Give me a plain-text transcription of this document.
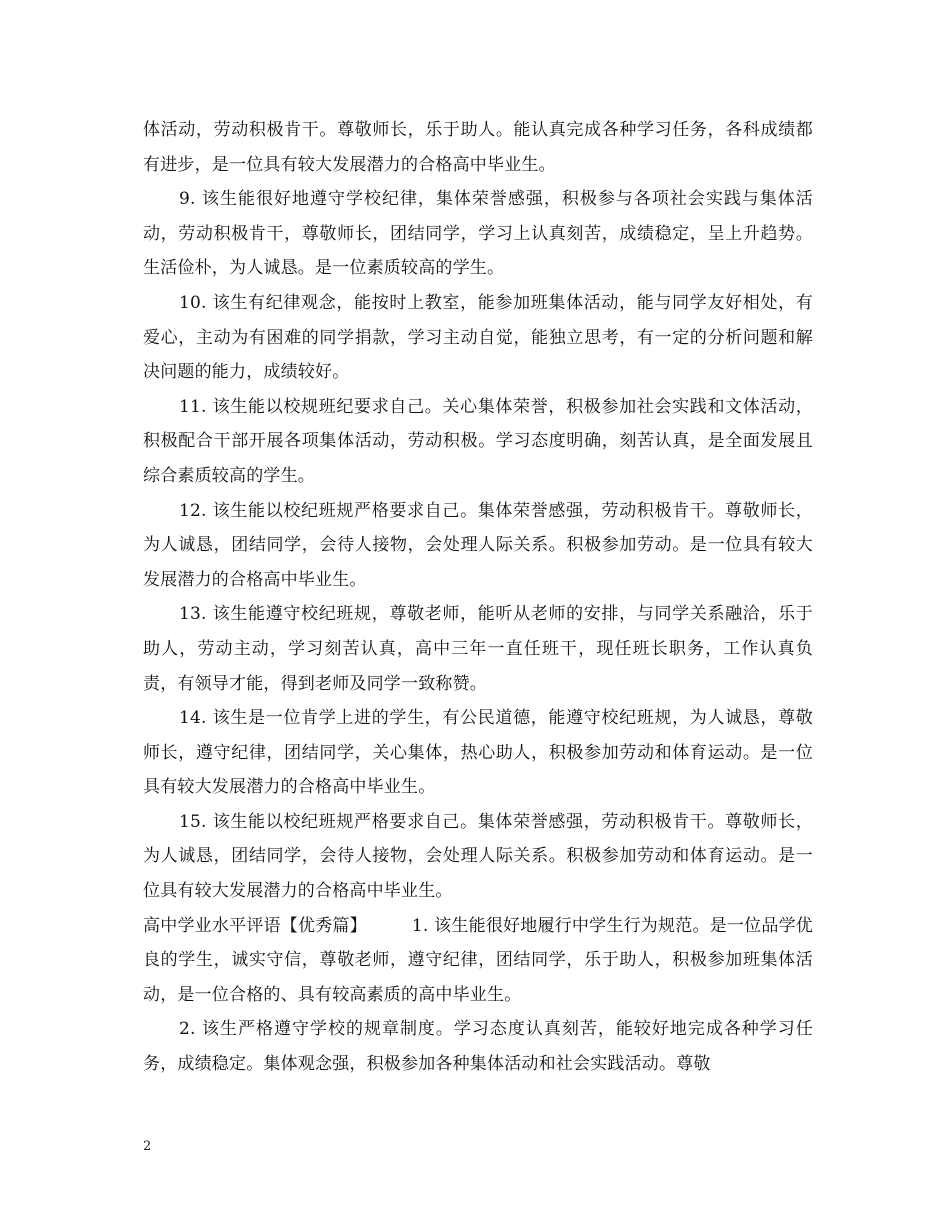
体活动，劳动积极肯干。尊敬师长，乐于助人。能认真完成各种学习任务，各科成绩都有进步，是一位具有较大发展潜力的合格高中毕业生。

9. 该生能很好地遵守学校纪律，集体荣誉感强，积极参与各项社会实践与集体活动，劳动积极肯干，尊敬师长，团结同学，学习上认真刻苦，成绩稳定，呈上升趋势。生活俭朴，为人诚恳。是一位素质较高的学生。

10. 该生有纪律观念，能按时上教室，能参加班集体活动，能与同学友好相处，有爱心，主动为有困难的同学捐款，学习主动自觉，能独立思考，有一定的分析问题和解决问题的能力，成绩较好。

11. 该生能以校规班纪要求自己。关心集体荣誉，积极参加社会实践和文体活动，积极配合干部开展各项集体活动，劳动积极。学习态度明确，刻苦认真，是全面发展且综合素质较高的学生。

12. 该生能以校纪班规严格要求自己。集体荣誉感强，劳动积极肯干。尊敬师长，为人诚恳，团结同学，会待人接物，会处理人际关系。积极参加劳动。是一位具有较大发展潜力的合格高中毕业生。

13. 该生能遵守校纪班规，尊敬老师，能听从老师的安排，与同学关系融洽，乐于助人，劳动主动，学习刻苦认真，高中三年一直任班干，现任班长职务，工作认真负责，有领导才能，得到老师及同学一致称赞。

14. 该生是一位肯学上进的学生，有公民道德，能遵守校纪班规，为人诚恳，尊敬师长，遵守纪律，团结同学，关心集体，热心助人，积极参加劳动和体育运动。是一位具有较大发展潜力的合格高中毕业生。

15. 该生能以校纪班规严格要求自己。集体荣誉感强，劳动积极肯干。尊敬师长，为人诚恳，团结同学，会待人接物，会处理人际关系。积极参加劳动和体育运动。是一位具有较大发展潜力的合格高中毕业生。

高中学业水平评语【优秀篇】	1. 该生能很好地履行中学生行为规范。是一位品学优良的学生，诚实守信，尊敬老师，遵守纪律，团结同学，乐于助人，积极参加班集体活动，是一位合格的、具有较高素质的高中毕业生。

2. 该生严格遵守学校的规章制度。学习态度认真刻苦，能较好地完成各种学习任务，成绩稳定。集体观念强，积极参加各种集体活动和社会实践活动。尊敬

2
